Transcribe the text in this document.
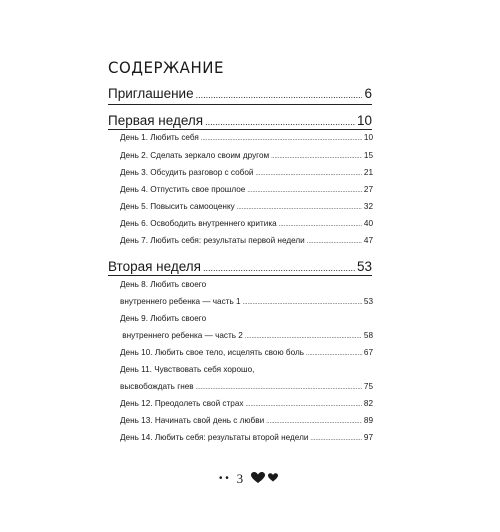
СОДЕРЖАНИЕ
Приглашение .....	6
Первая неделя .....	10
День 1. Любить себя .....	10
День 2. Сделать зеркало своим другом .....	15
День 3. Обсудить разговор с собой .....	21
День 4. Отпустить свое прошлое .....	27
День 5. Повысить самооценку .....	32
День 6. Освободить внутреннего критика .....	40
День 7. Любить себя: результаты первой недели .....	47
Вторая неделя .....	53
День 8. Любить своего
внутреннего ребенка — часть 1 .....	53
День 9. Любить своего
внутреннего ребенка — часть 2 .....	58
День 10. Любить свое тело, исцелять свою боль .....	67
День 11. Чувствовать себя хорошо,
высвобождать гнев .....	75
День 12. Преодолеть свой страх .....	82
День 13. Начинать свой день с любви .....	89
День 14. Любить себя: результаты второй недели .....	97
• • 3
